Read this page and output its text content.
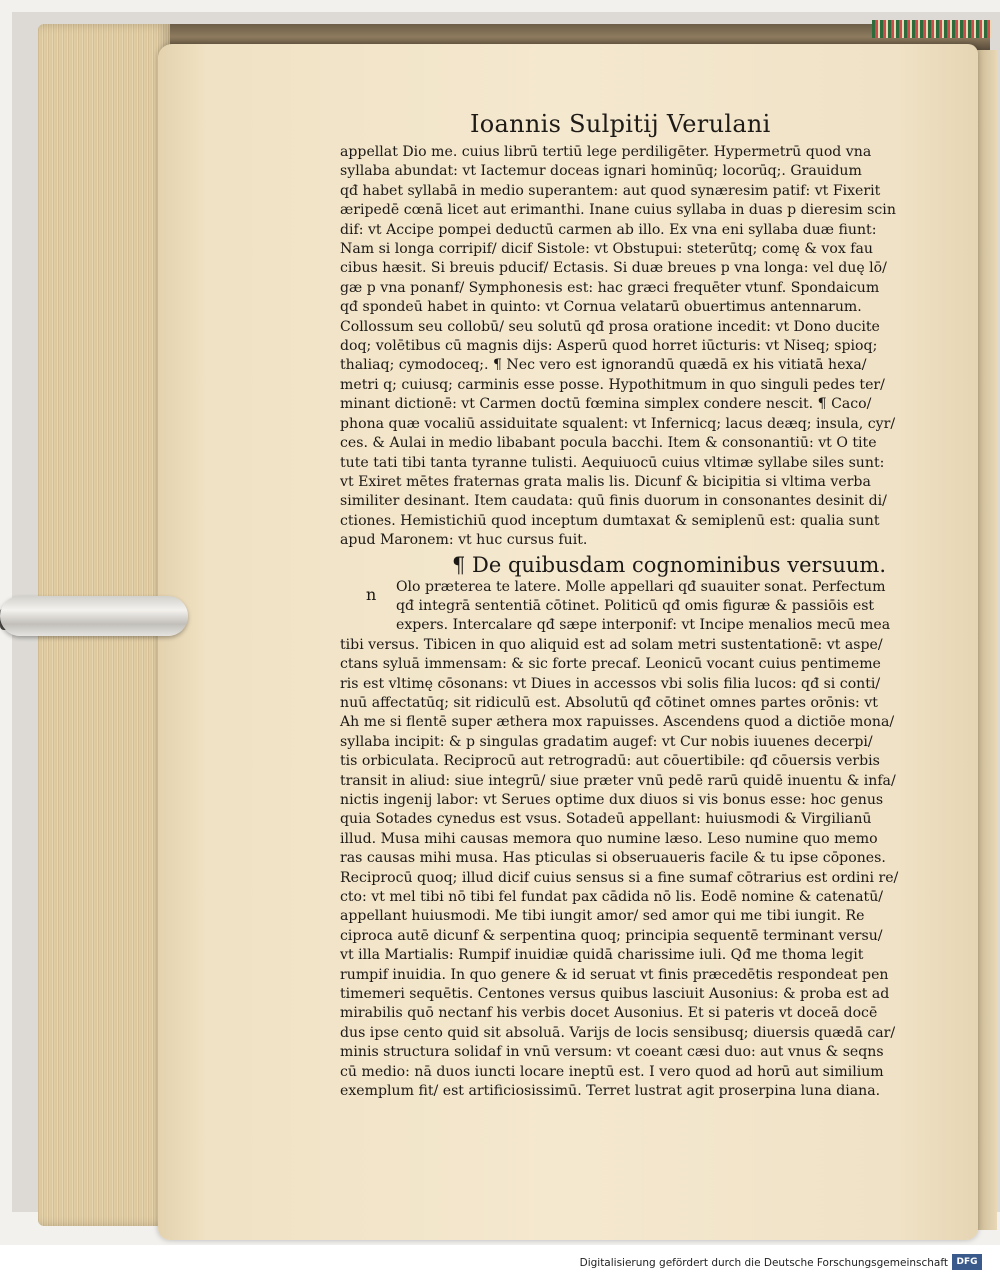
Ioannis Sulpitij Verulani
appellat Dio me. cuius librū tertiū lege perdiligēter. Hypermetrū quod vna
syllaba abundat: vt Iactemur doceas ignari hominūq; locorūq;. Grauidum
qđ habet syllabā in medio superantem: aut quod synæresim patif: vt Fixerit
æripedē cœnā licet aut erimanthi. Inane cuius syllaba in duas p dieresim scin
dif: vt Accipe pompei deductū carmen ab illo. Ex vna eni syllaba duæ fiunt:
Nam si longa corripif/ dicif Sistole: vt Obstupui: steterūtq; comę & vox fau
cibus hæsit. Si breuis pducif/ Ectasis. Si duæ breues p vna longa: vel duę lō/
gæ p vna ponanf/ Symphonesis est: hac græci frequēter vtunf. Spondaicum
qđ spondeū habet in quinto: vt Cornua velatarū obuertimus antennarum.
Collossum seu collobū/ seu solutū qđ prosa oratione incedit: vt Dono ducite
doq; volētibus cū magnis dijs: Asperū quod horret iūcturis: vt Niseq; spioq;
thaliaq; cymodoceq;. ¶ Nec vero est ignorandū quædā ex his vitiatā hexa/
metri q; cuiusq; carminis esse posse. Hypothitmum in quo singuli pedes ter/
minant dictionē: vt Carmen doctū fœmina simplex condere nescit. ¶ Caco/
phona quæ vocaliū assiduitate squalent: vt Infernicq; lacus deæq; insula, cyr/
ces. & Aulai in medio libabant pocula bacchi. Item & consonantiū: vt O tite
tute tati tibi tanta tyranne tulisti. Aequiuocū cuius vltimæ syllabe siles sunt:
vt Exiret mētes fraternas grata malis lis. Dicunf & bicipitia si vltima verba
similiter desinant. Item caudata: quū finis duorum in consonantes desinit di/
ctiones. Hemistichiū quod inceptum dumtaxat & semiplenū est: qualia sunt
apud Maronem: vt huc cursus fuit.
¶ De quibusdam cognominibus versuum.
Olo præterea te latere. Molle appellari qđ suauiter sonat. Perfectum
qđ integrā sententiā cōtinet. Politicū qđ omis figuræ & passiōis est
expers. Intercalare qđ sæpe interponif: vt Incipe menalios mecū mea
tibi versus. Tibicen in quo aliquid est ad solam metri sustentationē: vt aspe/
ctans syluā immensam: & sic forte precaf. Leonicū vocant cuius pentimeme
ris est vltimę cōsonans: vt Diues in accessos vbi solis filia lucos: qđ si conti/
nuū affectatūq; sit ridiculū est. Absolutū qđ cōtinet omnes partes orōnis: vt
Ah me si flentē super æthera mox rapuisses. Ascendens quod a dictiōe mona/
syllaba incipit: & p singulas gradatim augef: vt Cur nobis iuuenes decerpi/
tis orbiculata. Reciprocū aut retrogradū: aut cōuertibile: qđ cōuersis verbis
transit in aliud: siue integrū/ siue præter vnū pedē rarū quidē inuentu & infa/
nictis ingenij labor: vt Serues optime dux diuos si vis bonus esse: hoc genus
quia Sotades cynedus est vsus. Sotadeū appellant: huiusmodi & Virgilianū
illud. Musa mihi causas memora quo numine læso. Leso numine quo memo
ras causas mihi musa. Has pticulas si obseruaueris facile & tu ipse cōpones.
Reciprocū quoq; illud dicif cuius sensus si a fine sumaf cōtrarius est ordini re/
cto: vt mel tibi nō tibi fel fundat pax cādida nō lis. Eodē nomine & catenatū/
appellant huiusmodi. Me tibi iungit amor/ sed amor qui me tibi iungit. Re
ciproca autē dicunf & serpentina quoq; principia sequentē terminant versu/
vt illa Martialis: Rumpif inuidiæ quidā charissime iuli. Qđ me thoma legit
rumpif inuidia. In quo genere & id seruat vt finis præcedētis respondeat pen
timemeri sequētis. Centones versus quibus lasciuit Ausonius: & proba est ad
mirabilis quō nectanf his verbis docet Ausonius. Et si pateris vt doceā docē
dus ipse cento quid sit absoluā. Varijs de locis sensibusq; diuersis quædā car/
minis structura solidaf in vnū versum: vt coeant cæsi duo: aut vnus & seqns
cū medio: nā duos iuncti locare ineptū est. I vero quod ad horū aut similium
exemplum fit/ est artificiosissimū. Terret lustrat agit proserpina luna diana.
n
Digitalisierung gefördert durch die Deutsche Forschungsgemeinschaft DFG
